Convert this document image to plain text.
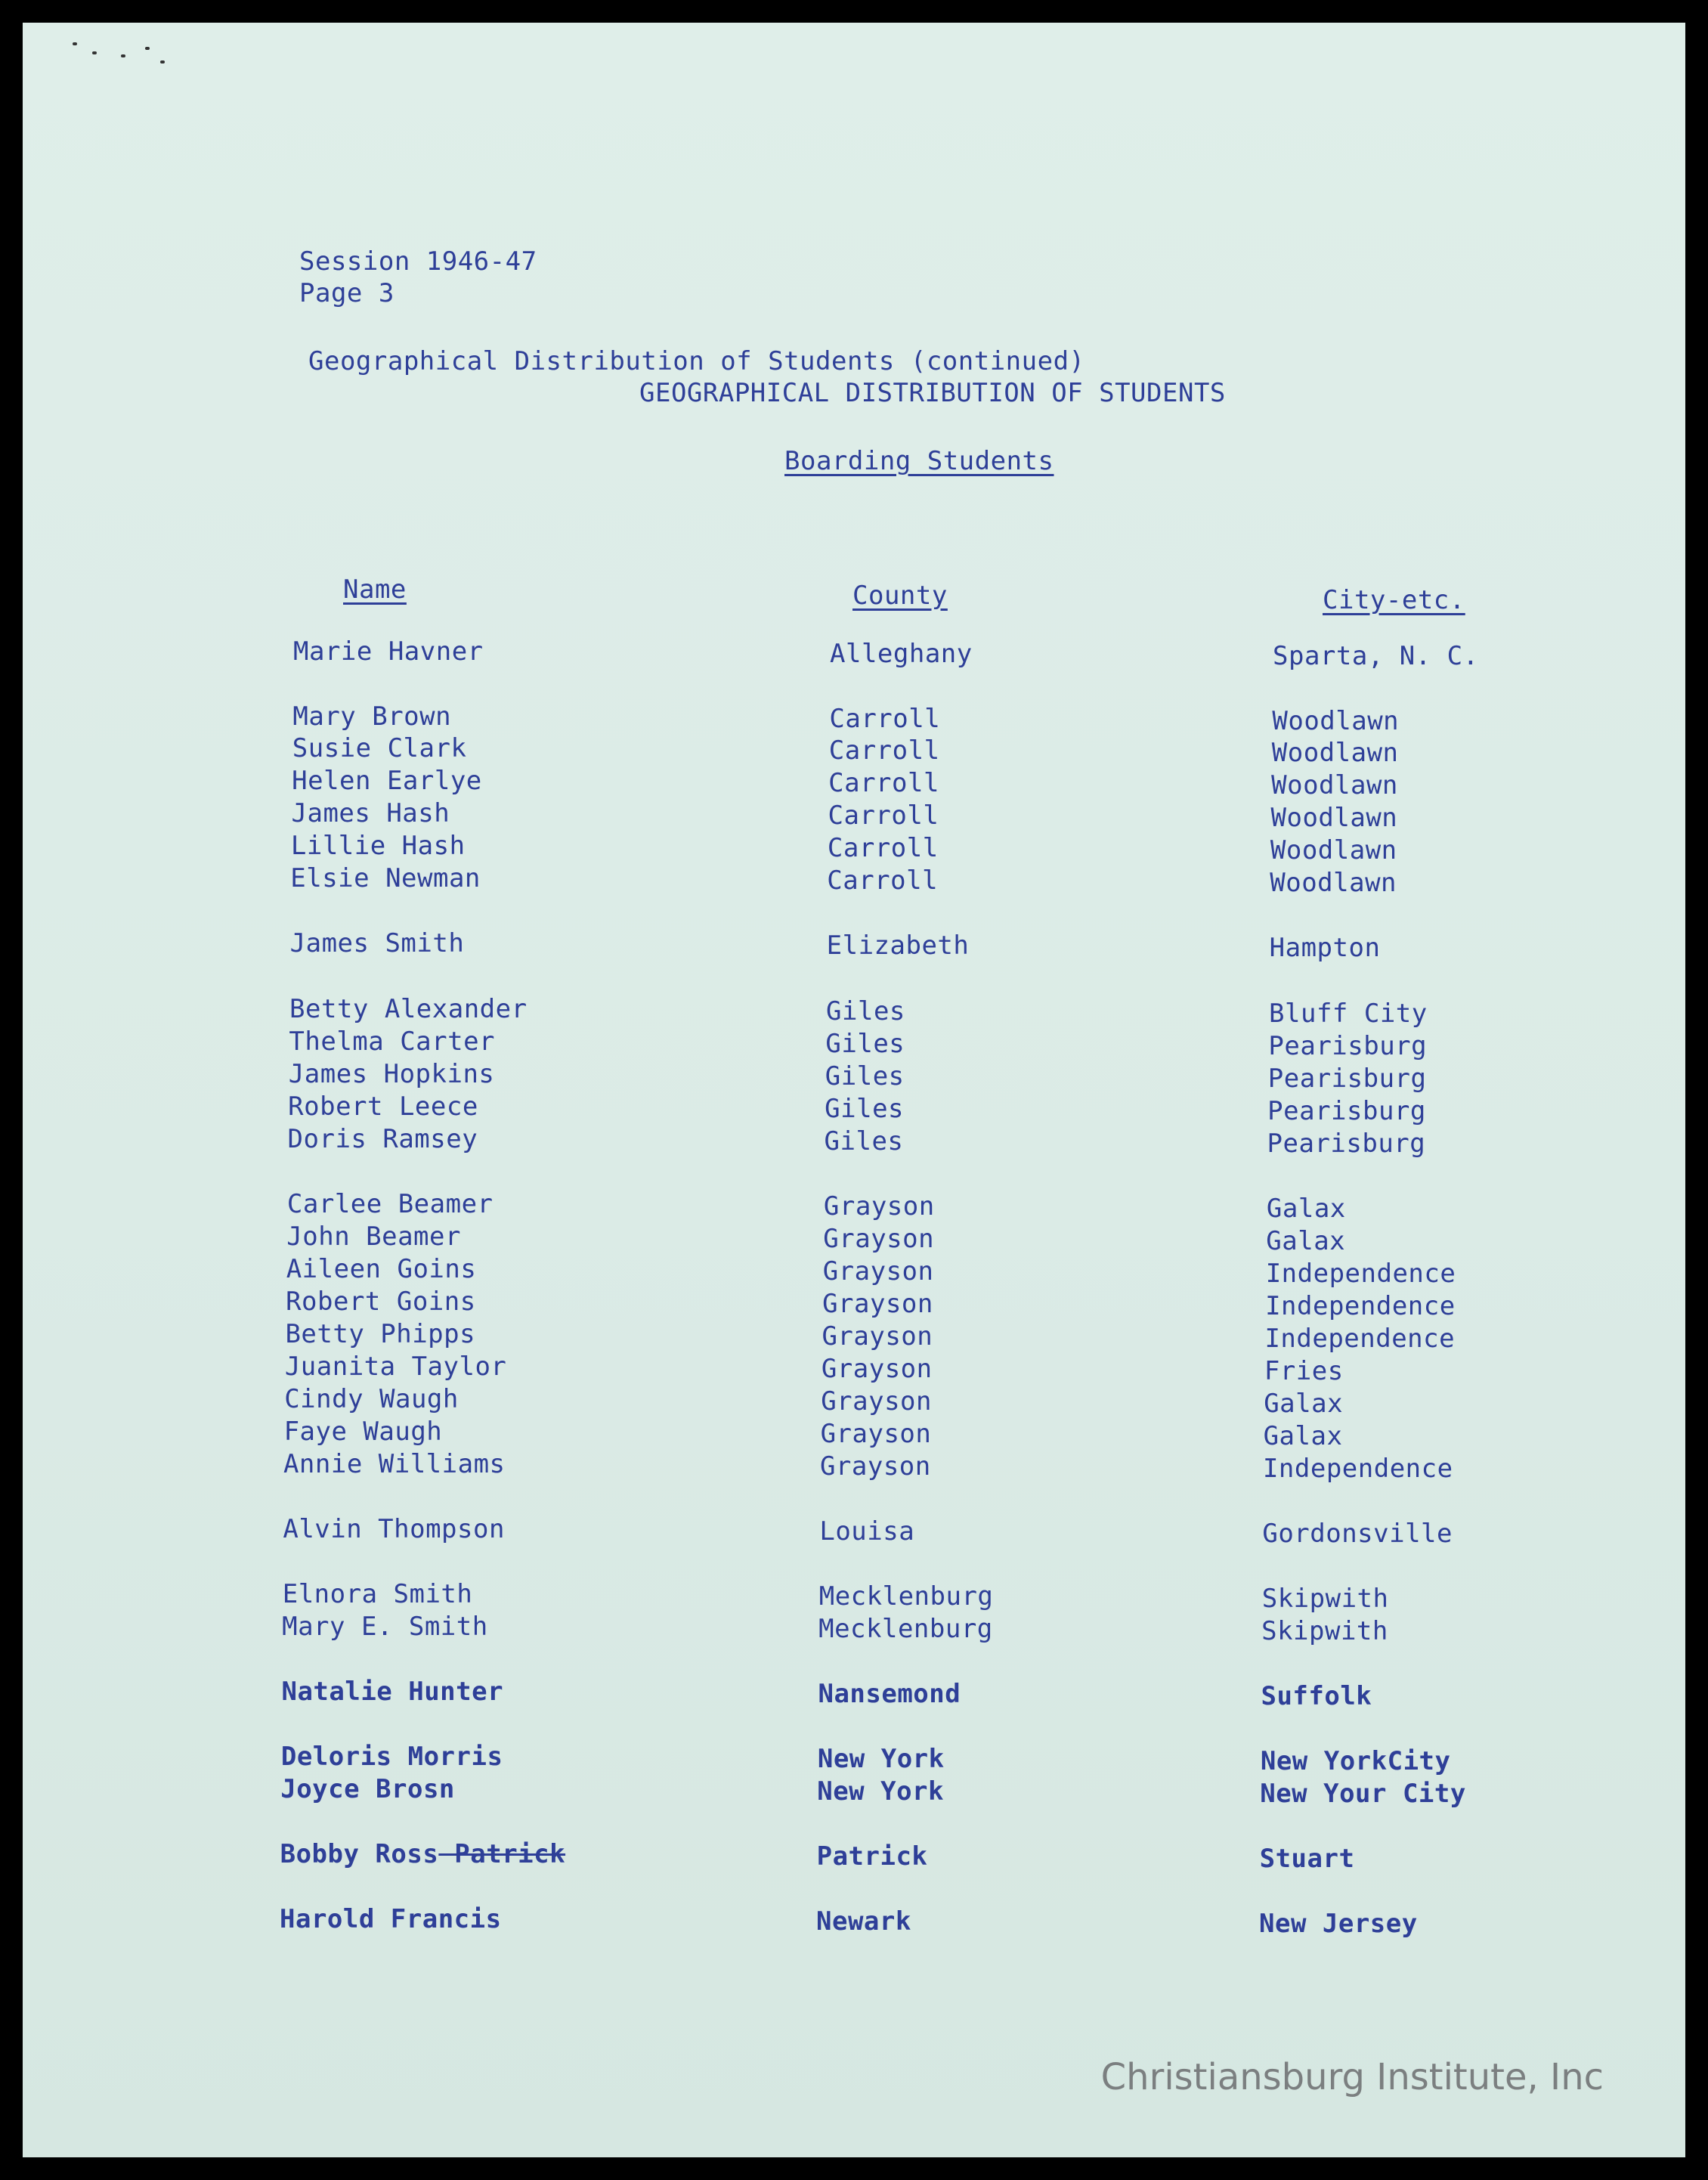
Session 1946-47
Page 3
Geographical Distribution of Students (continued)
GEOGRAPHICAL DISTRIBUTION OF STUDENTS
Boarding Students
Name	County	City-etc.
Marie Havner	Alleghany	Sparta, N. C.
Mary Brown	Carroll	Woodlawn
Susie Clark	Carroll	Woodlawn
Helen Earlye	Carroll	Woodlawn
James Hash	Carroll	Woodlawn
Lillie Hash	Carroll	Woodlawn
Elsie Newman	Carroll	Woodlawn
James Smith	Elizabeth	Hampton
Betty Alexander	Giles	Bluff City
Thelma Carter	Giles	Pearisburg
James Hopkins	Giles	Pearisburg
Robert Leece	Giles	Pearisburg
Doris Ramsey	Giles	Pearisburg
Carlee Beamer	Grayson	Galax
John Beamer	Grayson	Galax
Aileen Goins	Grayson	Independence
Robert Goins	Grayson	Independence
Betty Phipps	Grayson	Independence
Juanita Taylor	Grayson	Fries
Cindy Waugh	Grayson	Galax
Faye Waugh	Grayson	Galax
Annie Williams	Grayson	Independence
Alvin Thompson	Louisa	Gordonsville
Elnora Smith	Mecklenburg	Skipwith
Mary E. Smith	Mecklenburg	Skipwith
Natalie Hunter	Nansemond	Suffolk
Deloris Morris	New York	New YorkCity
Joyce Brosn	New York	New Your City
Bobby Ross Patrick	Patrick	Stuart
Harold Francis	Newark	New Jersey
Christiansburg Institute, Inc
